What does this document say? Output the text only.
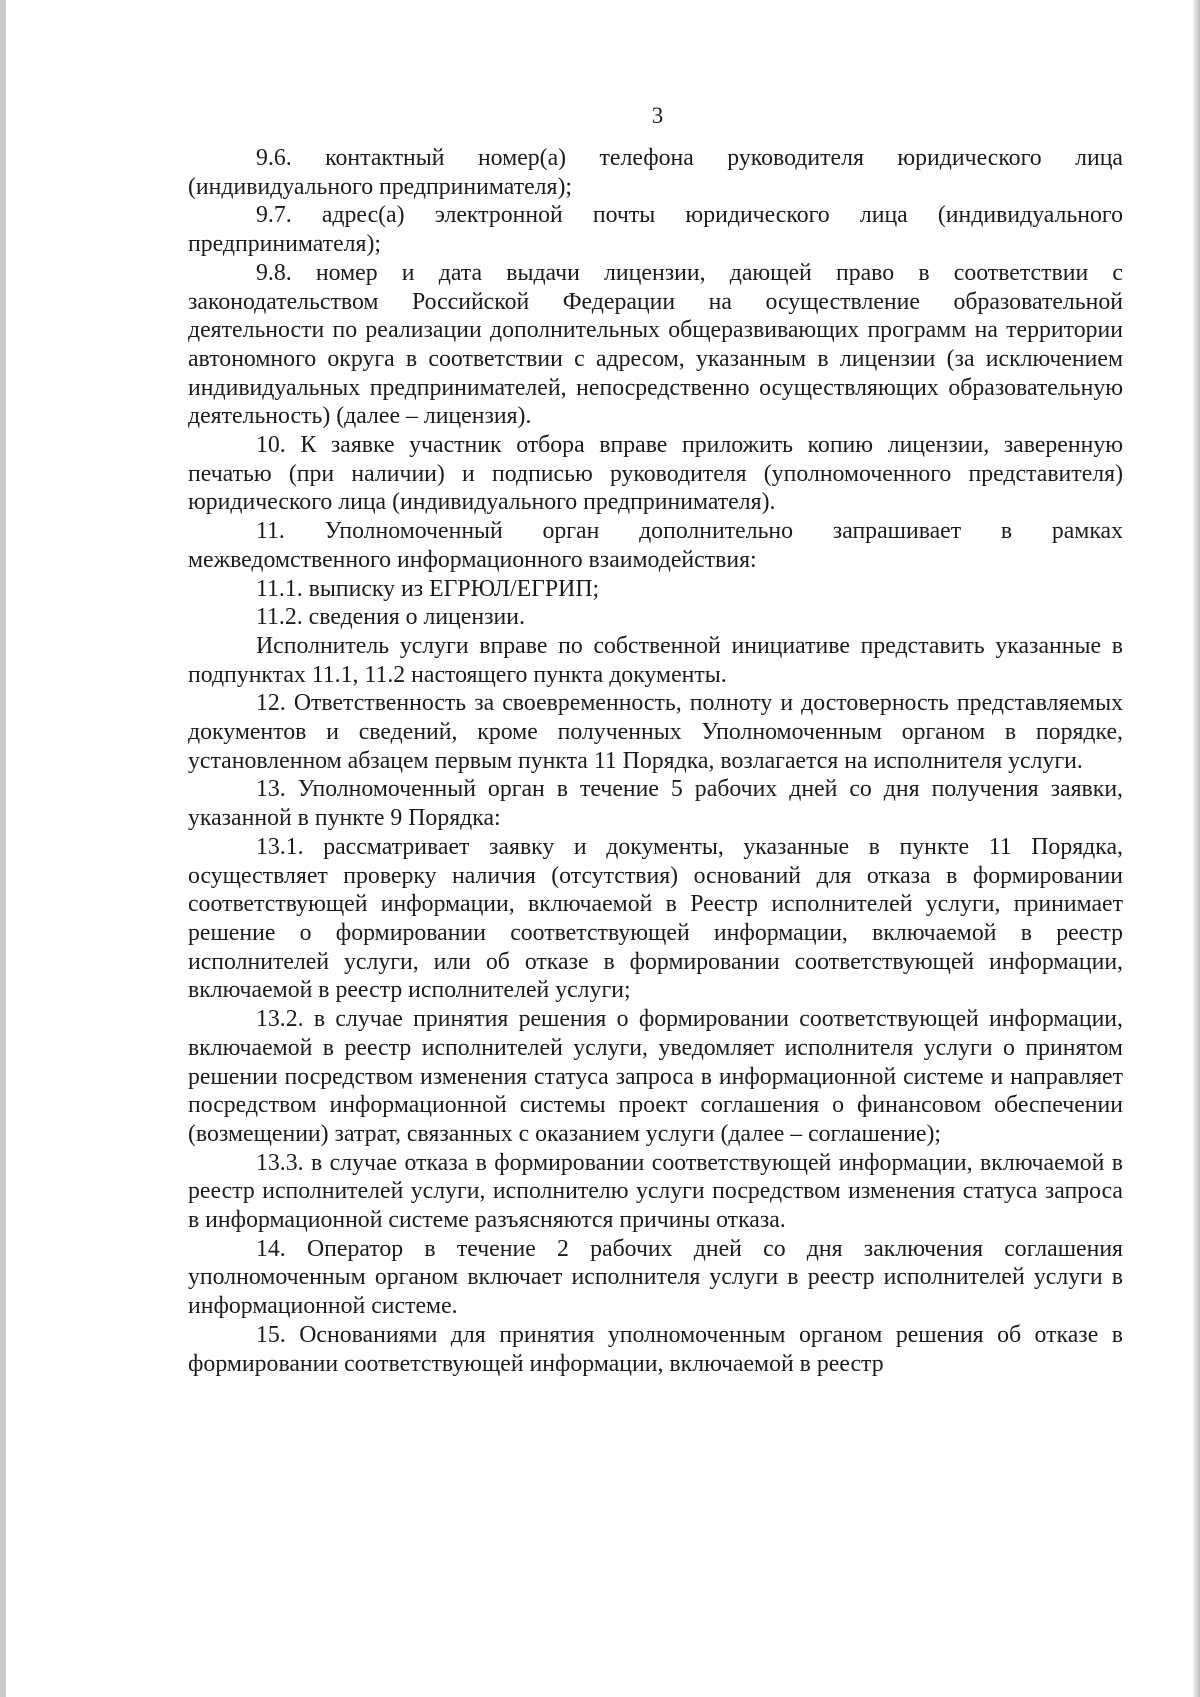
3

9.6. контактный номер(а) телефона руководителя юридического лица (индивидуального предпринимателя);

9.7. адрес(а) электронной почты юридического лица (индивидуального предпринимателя);

9.8. номер и дата выдачи лицензии, дающей право в соответствии с законодательством Российской Федерации на осуществление образовательной деятельности по реализации дополнительных общеразвивающих программ на территории автономного округа в соответствии с адресом, указанным в лицензии (за исключением индивидуальных предпринимателей, непосредственно осуществляющих образовательную деятельность) (далее – лицензия).

10. К заявке участник отбора вправе приложить копию лицензии, заверенную печатью (при наличии) и подписью руководителя (уполномоченного представителя) юридического лица (индивидуального предпринимателя).

11. Уполномоченный орган дополнительно запрашивает в рамках межведомственного информационного взаимодействия:

11.1. выписку из ЕГРЮЛ/ЕГРИП;

11.2. сведения о лицензии.

Исполнитель услуги вправе по собственной инициативе представить указанные в подпунктах 11.1, 11.2 настоящего пункта документы.

12. Ответственность за своевременность, полноту и достоверность представляемых документов и сведений, кроме полученных Уполномоченным органом в порядке, установленном абзацем первым пункта 11 Порядка, возлагается на исполнителя услуги.

13. Уполномоченный орган в течение 5 рабочих дней со дня получения заявки, указанной в пункте 9 Порядка:

13.1. рассматривает заявку и документы, указанные в пункте 11 Порядка, осуществляет проверку наличия (отсутствия) оснований для отказа в формировании соответствующей информации, включаемой в Реестр исполнителей услуги, принимает решение о формировании соответствующей информации, включаемой в реестр исполнителей услуги, или об отказе в формировании соответствующей информации, включаемой в реестр исполнителей услуги;

13.2. в случае принятия решения о формировании соответствующей информации, включаемой в реестр исполнителей услуги, уведомляет исполнителя услуги о принятом решении посредством изменения статуса запроса в информационной системе и направляет посредством информационной системы проект соглашения о финансовом обеспечении (возмещении) затрат, связанных с оказанием услуги (далее – соглашение);

13.3. в случае отказа в формировании соответствующей информации, включаемой в реестр исполнителей услуги, исполнителю услуги посредством изменения статуса запроса в информационной системе разъясняются причины отказа.

14. Оператор в течение 2 рабочих дней со дня заключения соглашения уполномоченным органом включает исполнителя услуги в реестр исполнителей услуги в информационной системе.

15. Основаниями для принятия уполномоченным органом решения об отказе в формировании соответствующей информации, включаемой в реестр
